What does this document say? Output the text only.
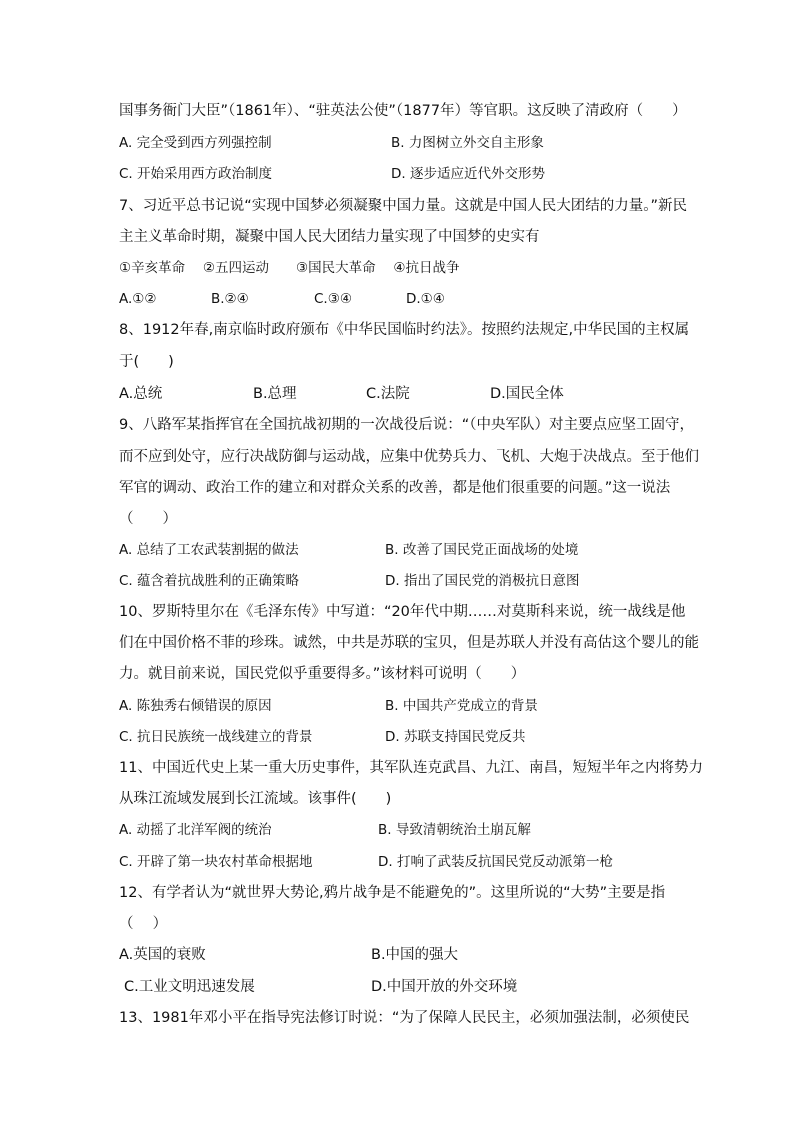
国事务衙门大臣”（1861年）、“驻英法公使”（1877年）等官职。这反映了清政府（　　）
A. 完全受到西方列强控制	B. 力图树立外交自主形象
C. 开始采用西方政治制度	D. 逐步适应近代外交形势
7、习近平总书记说“实现中国梦必须凝聚中国力量。这就是中国人民大团结的力量。”新民
主主义革命时期，凝聚中国人民大团结力量实现了中国梦的史实有
①辛亥革命　 ②五四运动　　③国民大革命　 ④抗日战争
A.①②	B.②④	C.③④	D.①④
8、1912年春,南京临时政府颁布《中华民国临时约法》。按照约法规定,中华民国的主权属
于(　　)
A.总统	B.总理	C.法院	D.国民全体
9、八路军某指挥官在全国抗战初期的一次战役后说：“（中央军队）对主要点应坚工固守，
而不应到处守，应行决战防御与运动战，应集中优势兵力、飞机、大炮于决战点。至于他们
军官的调动、政治工作的建立和对群众关系的改善，都是他们很重要的问题。”这一说法
（　　）
A. 总结了工农武装割据的做法	B. 改善了国民党正面战场的处境
C. 蕴含着抗战胜利的正确策略	D. 指出了国民党的消极抗日意图
10、罗斯特里尔在《毛泽东传》中写道：“20年代中期……对莫斯科来说，统一战线是他
们在中国价格不菲的珍珠。诚然，中共是苏联的宝贝，但是苏联人并没有高估这个婴儿的能
力。就目前来说，国民党似乎重要得多。”该材料可说明（　　）
A. 陈独秀右倾错误的原因	B. 中国共产党成立的背景
C. 抗日民族统一战线建立的背景	D. 苏联支持国民党反共
11、中国近代史上某一重大历史事件，其军队连克武昌、九江、南昌，短短半年之内将势力
从珠江流域发展到长江流域。该事件(　　)
A. 动摇了北洋军阀的统治	B. 导致清朝统治土崩瓦解
C. 开辟了第一块农村革命根据地	D. 打响了武装反抗国民党反动派第一枪
12、有学者认为“就世界大势论,鸦片战争是不能避免的”。这里所说的“大势”主要是指
（　 ）
A.英国的衰败	B.中国的强大
C.工业文明迅速发展	D.中国开放的外交环境
13、1981年邓小平在指导宪法修订时说：“为了保障人民民主，必须加强法制，必须使民
